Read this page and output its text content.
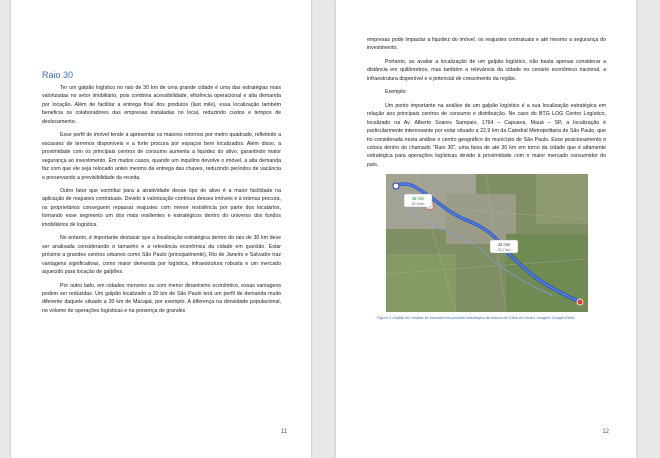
Raio 30

Ter um galpão logístico no raio de 30 km de uma grande cidade é uma das estratégias mais valorizadas no setor imobiliário, pois combina acessibilidade, eficiência operacional e alta demanda por locação. Além de facilitar a entrega final dos produtos (last mile), essa localização também beneficia os colaboradores das empresas instaladas no local, reduzindo custos e tempos de deslocamento.

Esse perfil de imóvel tende a apresentar os maiores retornos por metro quadrado, refletindo a escassez de terrenos disponíveis e a forte procura por espaços bem localizados. Além disso, a proximidade com os principais centros de consumo aumenta a liquidez do ativo, garantindo maior segurança ao investimento. Em muitos casos, quando um inquilino devolve o imóvel, a alta demanda faz com que ele seja relocado antes mesmo da entrega das chaves, reduzindo períodos de vacância e preservando a previsibilidade da receita.

Outro fator que contribui para a atratividade desse tipo de ativo é a maior facilidade na aplicação de reajustes contratuais. Devido à valorização contínua desses imóveis e à intensa procura, os proprietários conseguem repassar reajustes com menor resistência por parte dos locatários, tornando esse segmento um dos mais resilientes e estratégicos dentro do universo dos fundos imobiliários de logística.

No entanto, é importante destacar que a localização estratégica dentro do raio de 30 km deve ser analisada considerando o tamanho e a relevância econômica da cidade em questão. Estar próximo a grandes centros urbanos como São Paulo (principalmente), Rio de Janeiro e Salvador traz vantagens significativas, como maior demanda por logística, infraestrutura robusta e um mercado aquecido para locação de galpões.

Por outro lado, em cidades menores ou com menor dinamismo econômico, essas vantagens podem ser reduzidas. Um galpão localizado a 30 km de São Paulo terá um perfil de demanda muito diferente daquele situado a 30 km de Macapá, por exemplo. A diferença na densidade populacional, no volume de operações logísticas e na presença de grandes

11

empresas pode impactar a liquidez do imóvel, os reajustes contratuais e até mesmo a segurança do investimento.

Portanto, ao avaliar a localização de um galpão logístico, não basta apenas considerar a distância em quilômetros, mas também a relevância da cidade no cenário econômico nacional, a infraestrutura disponível e o potencial de crescimento da região.

Exemplo:

Um ponto importante na análise de um galpão logístico é a sua localização estratégica em relação aos principais centros de consumo e distribuição. No caso do BTG LOG Centro Logístico, localizado na Av. Alberto Soares Sampaio, 1764 – Capuava, Mauá – SP, a localização é particularmente interessante por estar situado a 22,9 km da Catedral Metropolitana de São Paulo, que foi considerada nesta análise o centro geográfico do município de São Paulo. Esse posicionamento o coloca dentro do chamado "Raio 30", uma faixa de até 30 km em torno da cidade que é altamente estratégica para operações logísticas devido à proximidade com o maior mercado consumidor do país.

45 min
22,9 km
42 min
23,7 km
Figura 1 Galpão em análise se encontra em posição estratégica de menos de 23km do centro. Imagem Google Earth.
12
